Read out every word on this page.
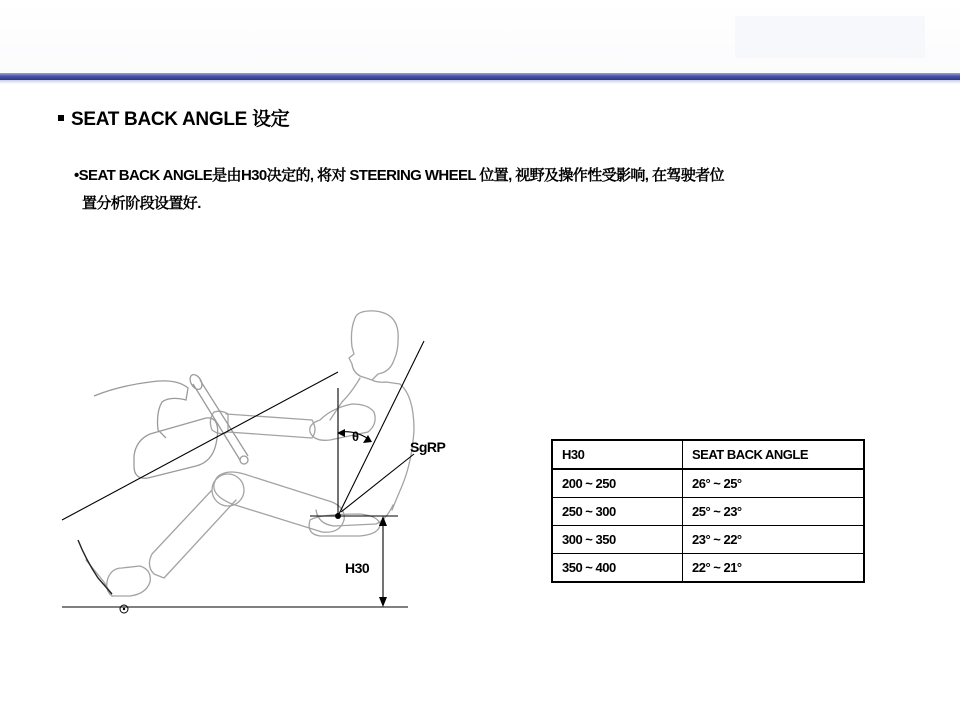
SEAT BACK ANGLE 设定
•SEAT BACK ANGLE是由H30决定的, 将对 STEERING WHEEL 位置, 视野及操作性受影响, 在驾驶者位
置分析阶段设置好.
θ
SgRP
H30
H30	SEAT BACK ANGLE
200 ~ 250	26° ~ 25°
250 ~ 300	25° ~ 23°
300 ~ 350	23° ~ 22°
350 ~ 400	22° ~ 21°
